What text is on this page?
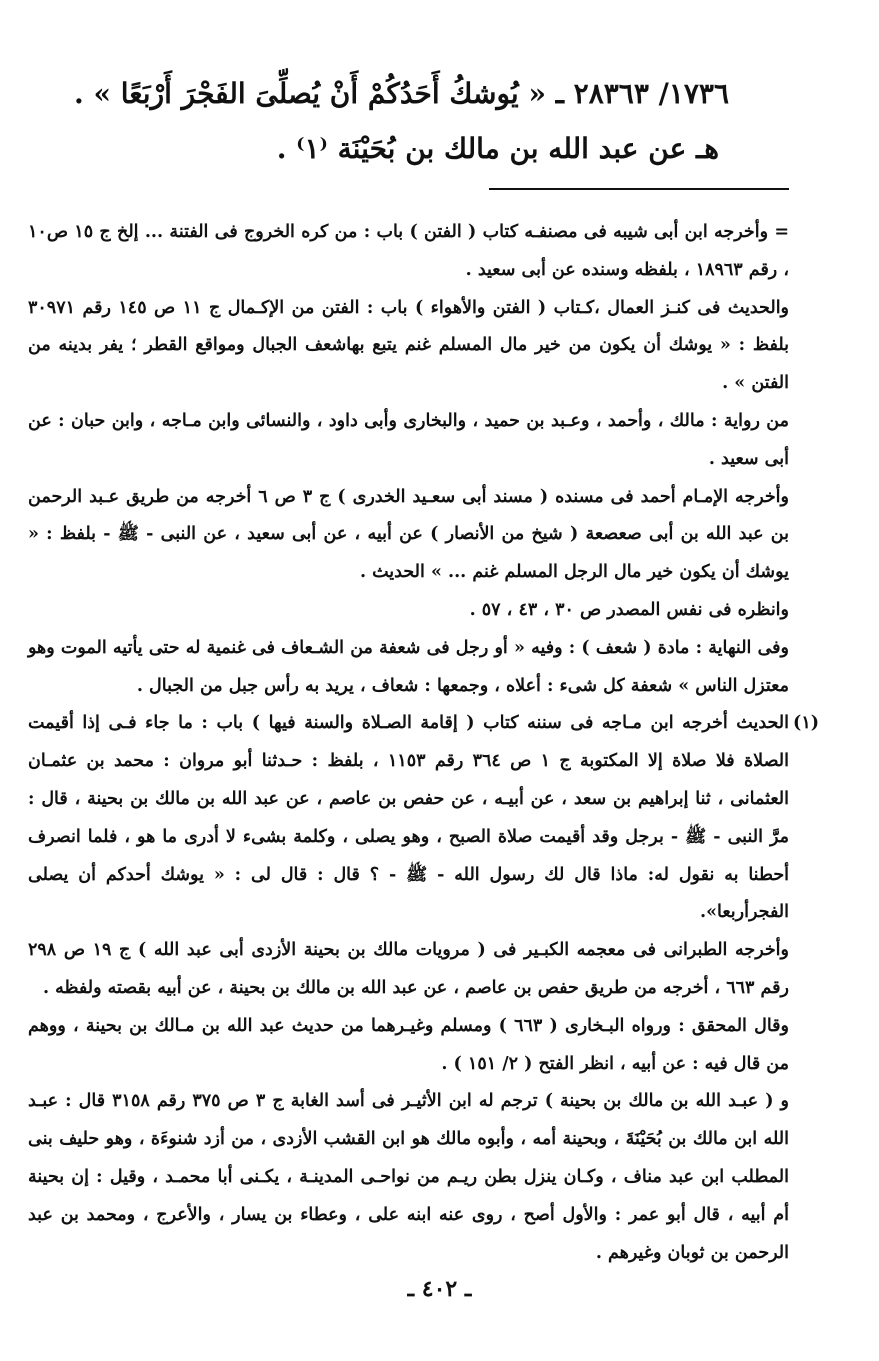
١٧٣٦/ ٢٨٣٦٣ ـ « يُوشكُ أَحَدُكُمْ أَنْ يُصلِّىَ الفَجْرَ أَرْبَعًا » .
هـ عن عبد الله بن مالك بن بُحَيْنَة ⁽١⁾ .

= وأخرجه ابن أبى شيبه فى مصنفـه كتاب ( الفتن ) باب : من كره الخروج فى الفتنة ... إلخ ج ١٥ ص١٠ ، رقم ١٨٩٦٣ ، بلفظه وسنده عن أبى سعيد .

والحديث فى كنـز العمال ،كـتاب ( الفتن والأهواء ) باب : الفتن من الإكـمال ج ١١ ص ١٤٥ رقم ٣٠٩٧١ بلفظ : « يوشك أن يكون من خير مال المسلم غنم يتبع بهاشعف الجبال ومواقع القطر ؛ يفر بدينه من الفتن » .

من رواية : مالك ، وأحمد ، وعـبد بن حميد ، والبخارى وأبى داود ، والنسائى وابن مـاجه ، وابن حبان : عن أبى سعيد .

وأخرجه الإمـام أحمد فى مسنده ( مسند أبى سعـيد الخدرى ) ج ٣ ص ٦ أخرجه من طريق عـبد الرحمن بن عبد الله بن أبى صعصعة ( شيخ من الأنصار ) عن أبيه ، عن أبى سعيد ، عن النبى - ﷺ - بلفظ : « يوشك أن يكون خير مال الرجل المسلم غنم ... » الحديث .

وانظره فى نفس المصدر ص ٣٠ ، ٤٣ ، ٥٧ .

وفى النهاية : مادة ( شعف ) : وفيه « أو رجل فى شعفة من الشـعاف فى غنمية له حتى يأتيه الموت وهو معتزل الناس » شعفة كل شىء : أعلاه ، وجمعها : شعاف ، يريد به رأس جبل من الجبال .

(١)
الحديث أخرجه ابن مـاجه فى سننه كتاب ( إقامة الصـلاة والسنة فيها ) باب : ما جاء فـى إذا أقيمت الصلاة فلا صلاة إلا المكتوبة ج ١ ص ٣٦٤ رقم ١١٥٣ ، بلفظ : حـدثنا أبو مروان : محمد بن عثمـان العثمانى ، ثنا إبراهيم بن سعد ، عن أبيـه ، عن حفص بن عاصم ، عن عبد الله بن مالك بن بحينة ، قال : مرَّ النبى - ﷺ - برجل وقد أقيمت صلاة الصبح ، وهو يصلى ، وكلمة بشىء لا أدرى ما هو ، فلما انصرف أحطنا به نقول له: ماذا قال لك رسول الله - ﷺ - ؟ قال : قال لى : « يوشك أحدكم أن يصلى الفجرأربعا».

وأخرجه الطبرانى فى معجمه الكبـير فى ( مرويات مالك بن بحينة الأزدى أبى عبد الله ) ج ١٩ ص ٢٩٨ رقم ٦٦٣ ، أخرجه من طريق حفص بن عاصم ، عن عبد الله بن مالك بن بحينة ، عن أبيه بقصته ولفظه .

وقال المحقق : ورواه البـخارى ( ٦٦٣ ) ومسلم وغيـرهما من حديث عبد الله بن مـالك بن بحينة ، ووهم من قال فيه : عن أبيه ، انظر الفتح ( ٢/ ١٥١ ) .

و ( عبـد الله بن مالك بن بحينة ) ترجم له ابن الأثيـر فى أسد الغابة ج ٣ ص ٣٧٥ رقم ٣١٥٨ قال : عبـد الله ابن مالك بن بُحَيْنَةَ ، وبحينة أمه ، وأبوه مالك هو ابن القشب الأزدى ، من أزد شنوءَة ، وهو حليف بنى المطلب ابن عبد مناف ، وكـان ينزل بطن ريـم من نواحـى المدينـة ، يكـنى أبا محمـد ، وقيل : إن بحينة أم أبيه ، قال أبو عمر : والأول أصح ، روى عنه ابنه على ، وعطاء بن يسار ، والأعرج ، ومحمد بن عبد الرحمن بن ثوبان وغيرهم .

ـ ٤٠٢ ـ
